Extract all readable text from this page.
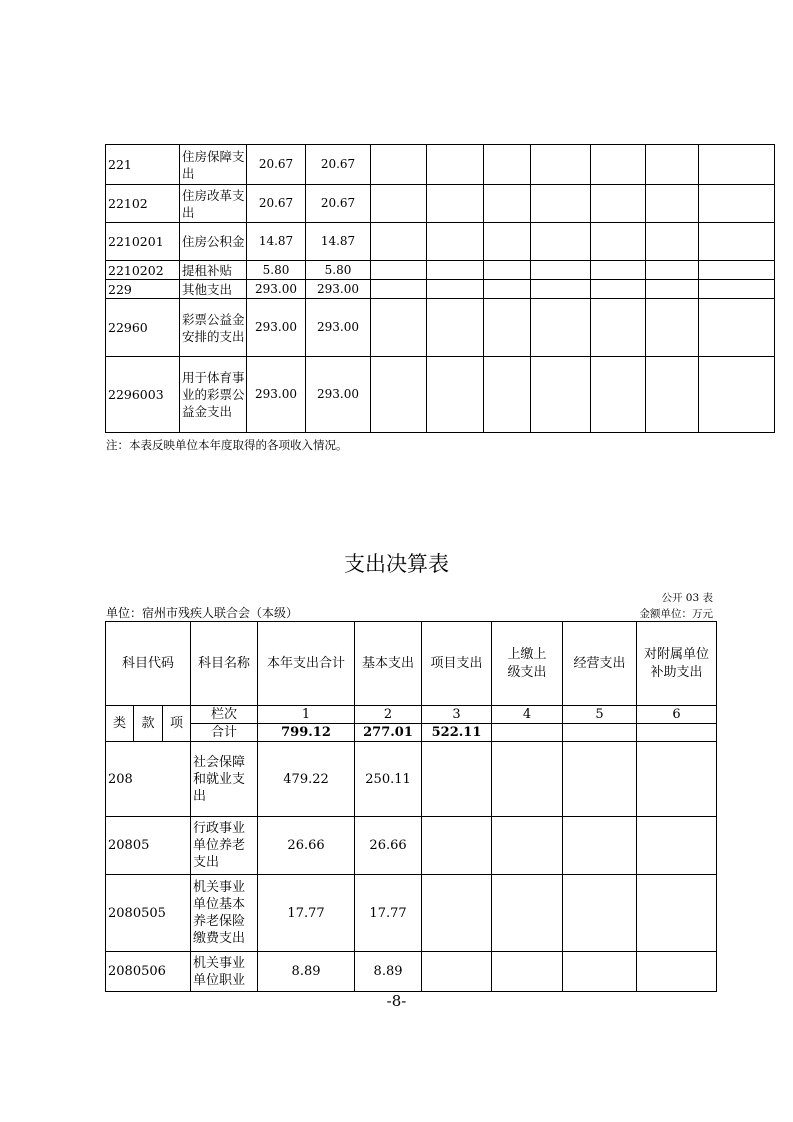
221	住房保障支出	20.67	20.67							
22102	住房改革支出	20.67	20.67							
2210201	住房公积金	14.87	14.87							
2210202	提租补贴	5.80	5.80							
229	其他支出	293.00	293.00							
22960	彩票公益金安排的支出	293.00	293.00							
2296003	用于体育事业的彩票公益金支出	293.00	293.00							
注：本表反映单位本年度取得的各项收入情况。
支出决算表
公开 03 表
单位：宿州市残疾人联合会（本级）	金额单位：万元
科目代码			科目名称	本年支出合计	基本支出	项目支出	上缴上级支出	经营支出	对附属单位补助支出
类	款	项	栏次	1	2	3	4	5	6
			合计	799.12	277.01	522.11			
208			社会保障和就业支出	479.22	250.11				
20805			行政事业单位养老支出	26.66	26.66				
2080505			机关事业单位基本养老保险缴费支出	17.77	17.77				
2080506			机关事业单位职业	8.89	8.89				
-8-
